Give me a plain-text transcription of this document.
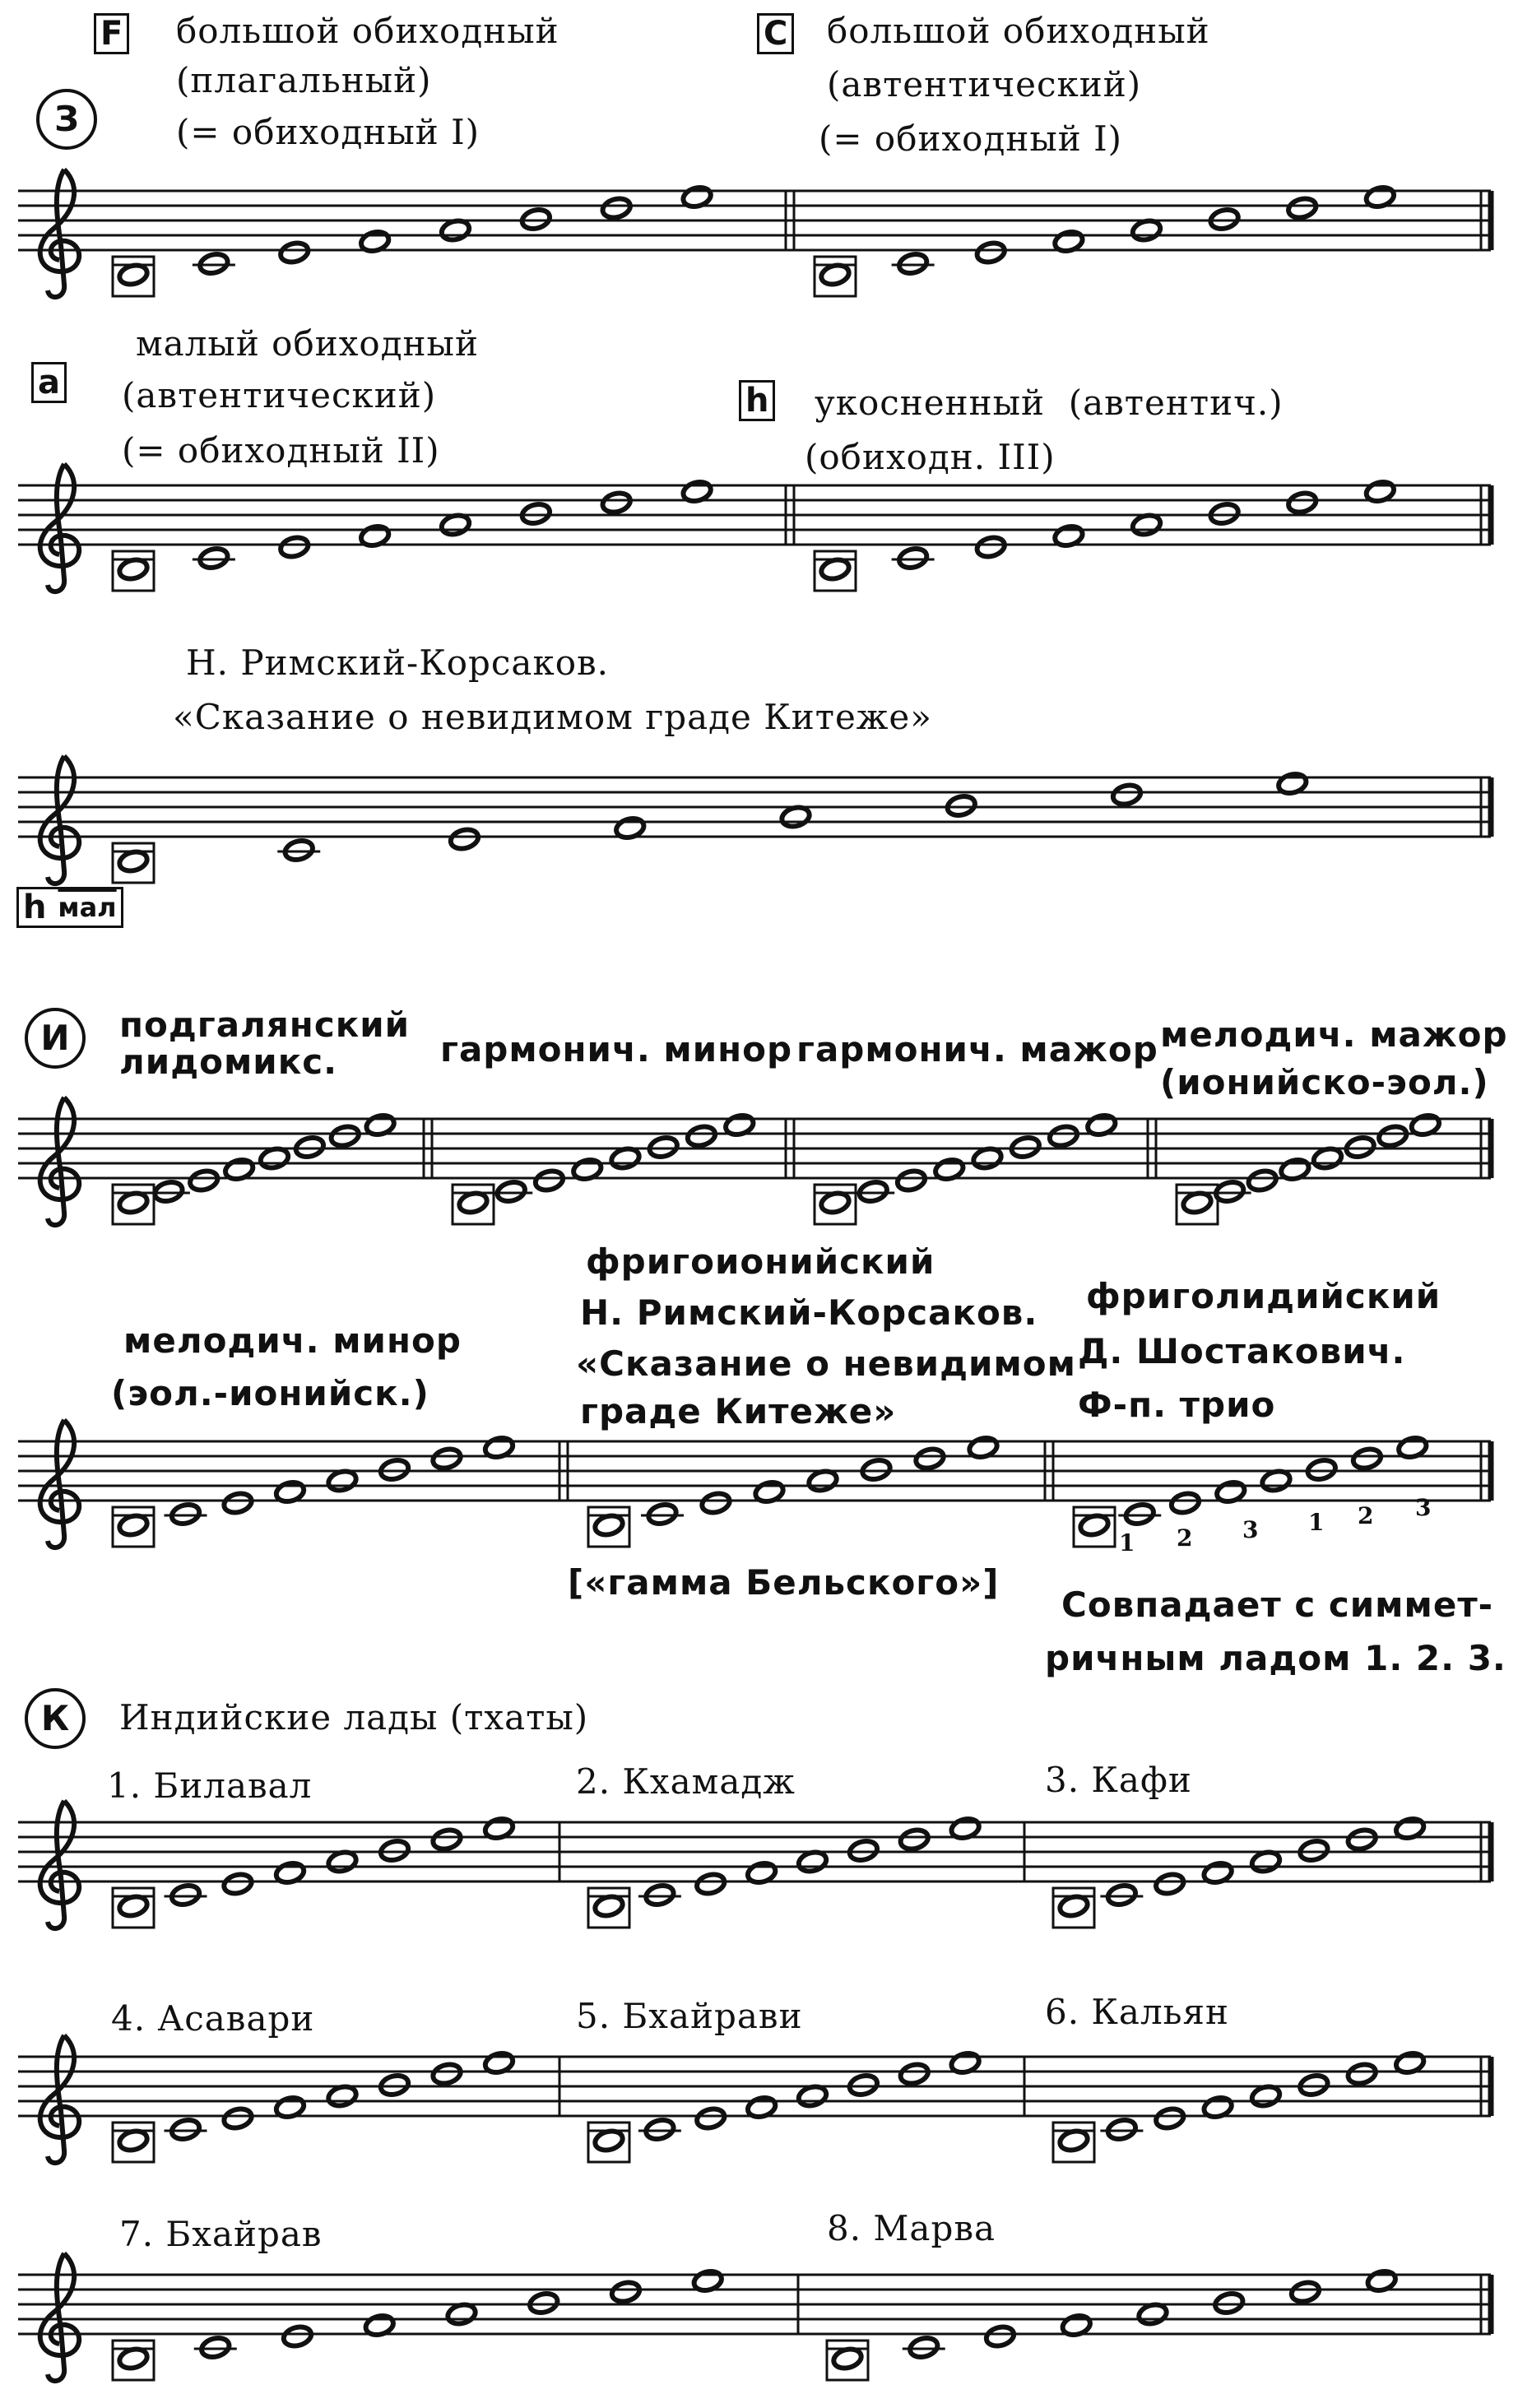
З
F большой обиходный
(плагальный)
(= обиходный I)
C большой обиходный
(автентический)
(= обиходный I)
a
малый обиходный
(автентический)
(= обиходный II)
h укосненный  (автентич.)
(обиходн. III)
Н. Римский-Корсаков.
«Сказание о невидимом граде Китеже»
h $^{мал}$
И	подгалянский
лидомикс.	гармонич. минор гармонич. мажор мелодич. мажор
(ионийско-эол.)
мелодич. минор
(эол.-ионийск.)
фригоионийский
Н. Римский-Корсаков.
«Сказание о невидимом
граде Китеже»
фриголидийский
Д. Шостакович.
Ф-п. трио
[«гамма Бельского»]
1 2 3 1 2 3
Совпадает с симмет-
ричным ладом 1. 2. 3.
К	Индийские лады (тхаты)
1. Билавал	2. Кхамадж	3. Кафи
4. Асавари	5. Бхайрави	6. Кальян
7. Бхайрав	8. Марва
